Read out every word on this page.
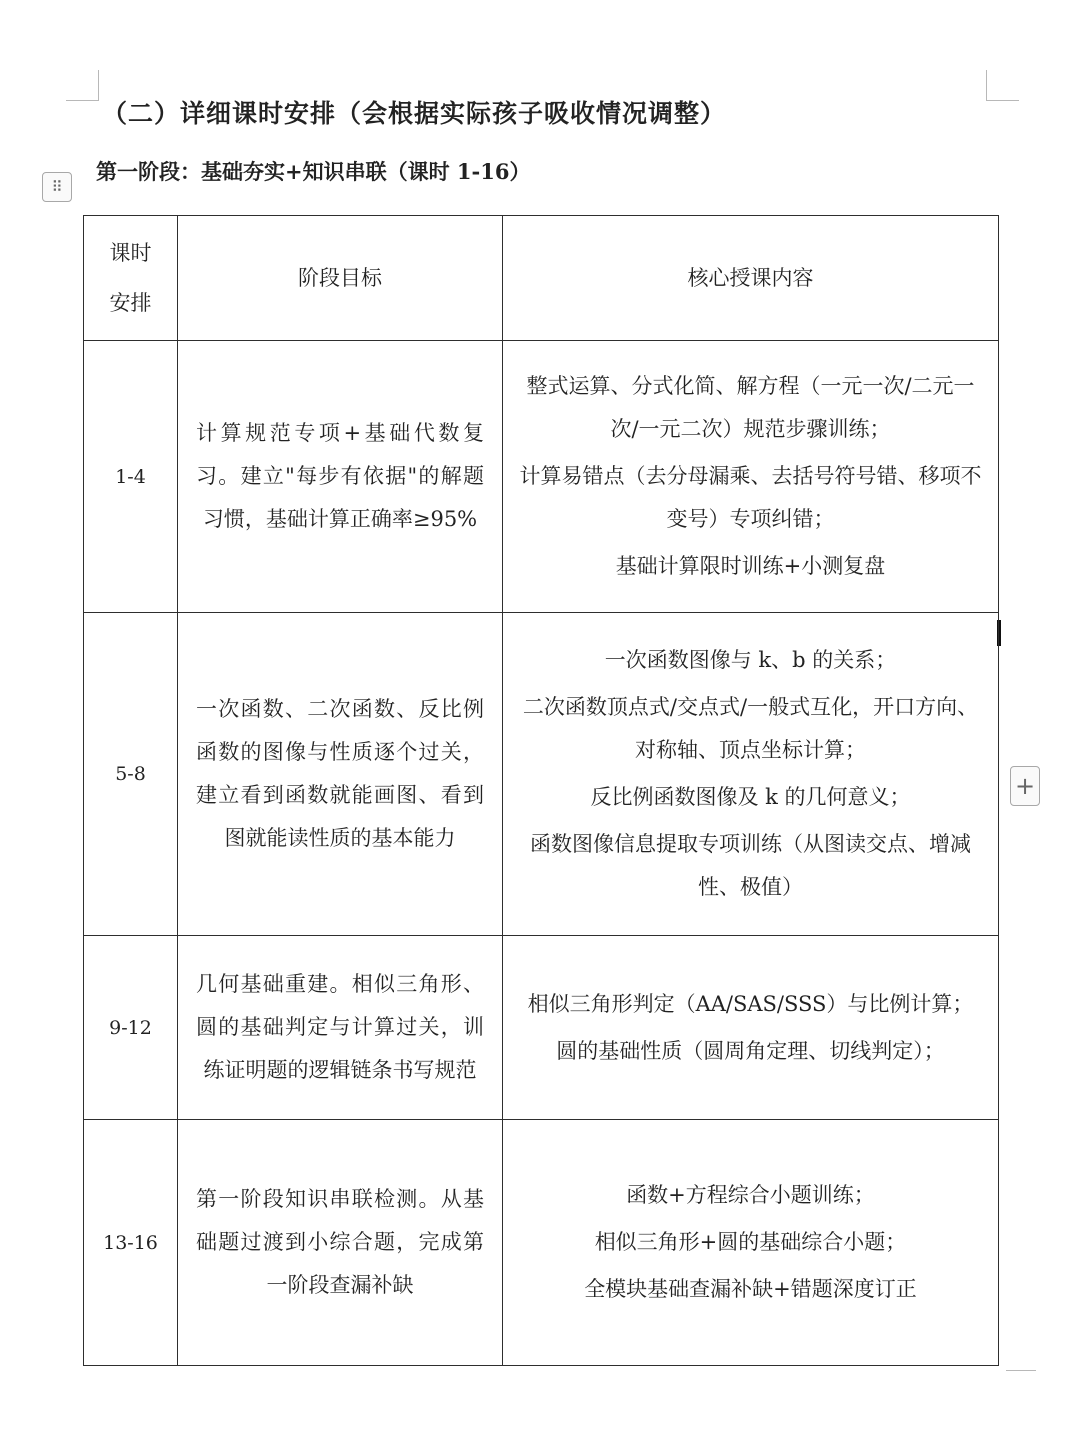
（二）详细课时安排（会根据实际孩子吸收情况调整）
第一阶段：基础夯实+知识串联（课时 1-16）
⠿
+
课时安排	阶段目标	核心授课内容

1-4	计算规范专项+基础代数复习。建立"每步有依据"的解题习惯，基础计算正确率≥95%	整式运算、分式化简、解方程（一元一次/二元一次/一元二次）规范步骤训练；
计算易错点（去分母漏乘、去括号符号错、移项不变号）专项纠错；
基础计算限时训练+小测复盘

5-8	一次函数、二次函数、反比例函数的图像与性质逐个过关，建立看到函数就能画图、看到图就能读性质的基本能力	一次函数图像与 k、b 的关系；
二次函数顶点式/交点式/一般式互化，开口方向、对称轴、顶点坐标计算；
反比例函数图像及 k 的几何意义；
函数图像信息提取专项训练（从图读交点、增减性、极值）

9-12	几何基础重建。相似三角形、圆的基础判定与计算过关，训练证明题的逻辑链条书写规范	相似三角形判定（AA/SAS/SSS）与比例计算；
圆的基础性质（圆周角定理、切线判定）；

13-16	第一阶段知识串联检测。从基础题过渡到小综合题，完成第一阶段查漏补缺	函数+方程综合小题训练；
相似三角形+圆的基础综合小题；
全模块基础查漏补缺+错题深度订正
